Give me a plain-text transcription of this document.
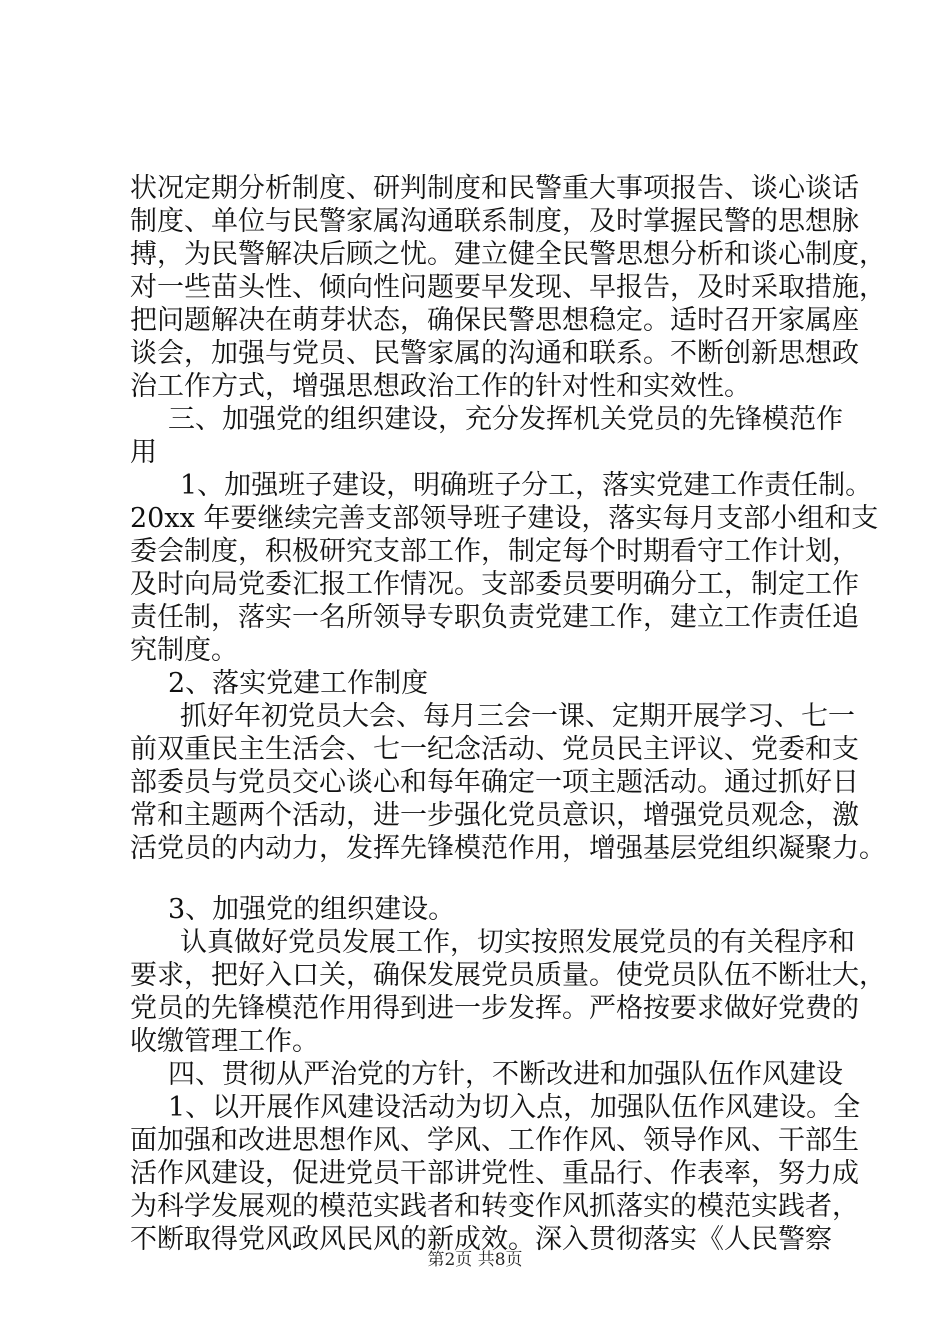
状况定期分析制度、研判制度和民警重大事项报告、谈心谈话
制度、单位与民警家属沟通联系制度，及时掌握民警的思想脉
搏，为民警解决后顾之忧。建立健全民警思想分析和谈心制度，
对一些苗头性、倾向性问题要早发现、早报告，及时采取措施，
把问题解决在萌芽状态，确保民警思想稳定。适时召开家属座
谈会，加强与党员、民警家属的沟通和联系。不断创新思想政
治工作方式，增强思想政治工作的针对性和实效性。
三、加强党的组织建设，充分发挥机关党员的先锋模范作
用
1、加强班子建设，明确班子分工，落实党建工作责任制。
20xx 年要继续完善支部领导班子建设，落实每月支部小组和支
委会制度，积极研究支部工作，制定每个时期看守工作计划，
及时向局党委汇报工作情况。支部委员要明确分工，制定工作
责任制，落实一名所领导专职负责党建工作，建立工作责任追
究制度。
2、落实党建工作制度
抓好年初党员大会、每月三会一课、定期开展学习、七一
前双重民主生活会、七一纪念活动、党员民主评议、党委和支
部委员与党员交心谈心和每年确定一项主题活动。通过抓好日
常和主题两个活动，进一步强化党员意识，增强党员观念，激
活党员的内动力，发挥先锋模范作用，增强基层党组织凝聚力。
3、加强党的组织建设。
认真做好党员发展工作，切实按照发展党员的有关程序和
要求，把好入口关，确保发展党员质量。使党员队伍不断壮大，
党员的先锋模范作用得到进一步发挥。严格按要求做好党费的
收缴管理工作。
四、贯彻从严治党的方针，不断改进和加强队伍作风建设
1、以开展作风建设活动为切入点，加强队伍作风建设。全
面加强和改进思想作风、学风、工作作风、领导作风、干部生
活作风建设，促进党员干部讲党性、重品行、作表率，努力成
为科学发展观的模范实践者和转变作风抓落实的模范实践者，
不断取得党风政风民风的新成效。深入贯彻落实《人民警察
第2页 共8页
